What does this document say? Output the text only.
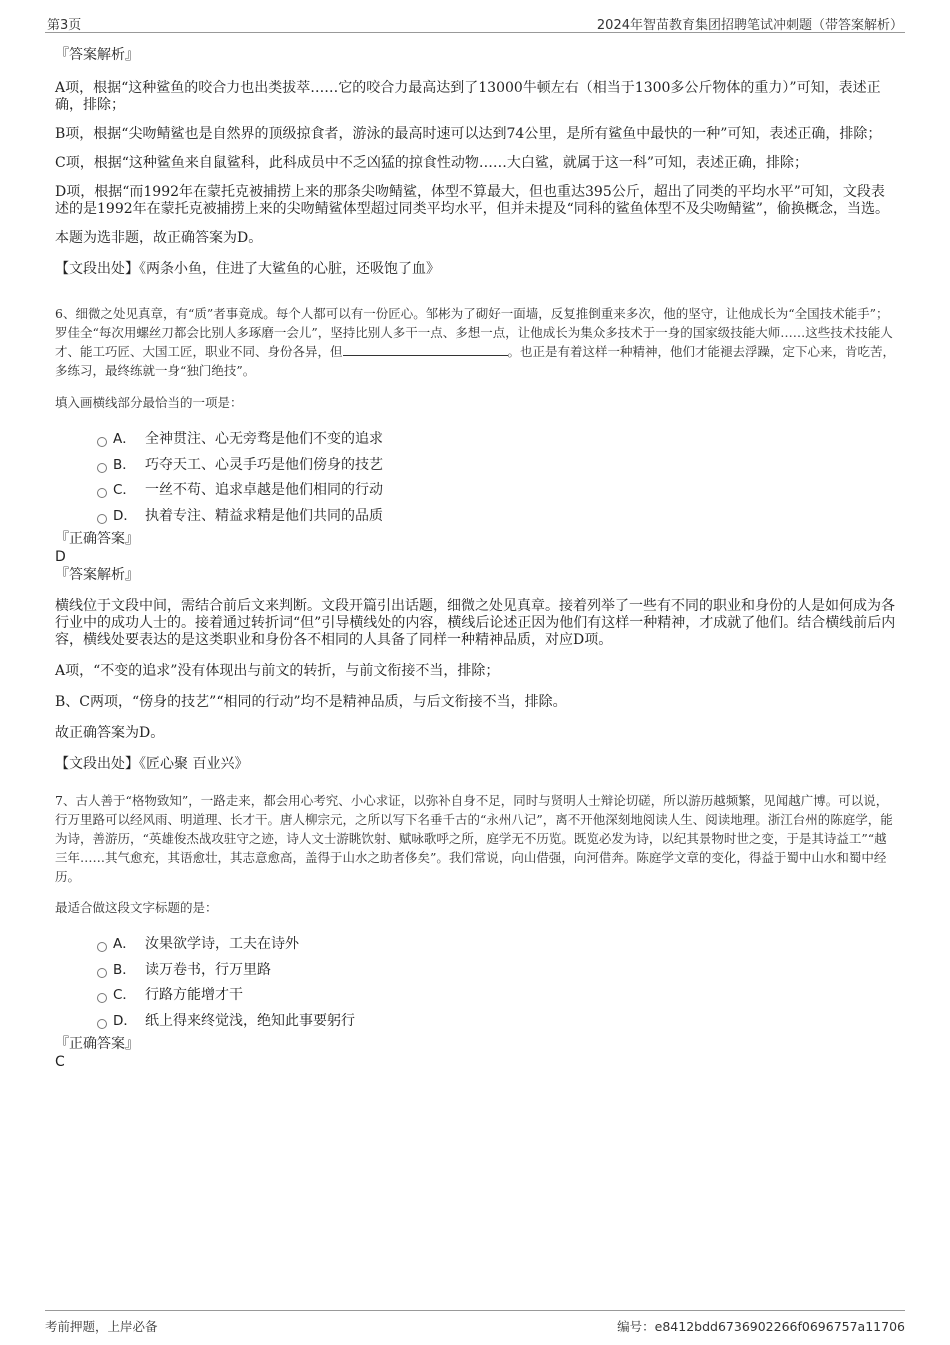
第3页	2024年智苗教育集团招聘笔试冲刺题（带答案解析）

『答案解析』

A项，根据“这种鲨鱼的咬合力也出类拔萃……它的咬合力最高达到了13000牛顿左右（相当于1300多公斤物体的重力）”可知，表述正确，排除；

B项，根据“尖吻鲭鲨也是自然界的顶级掠食者，游泳的最高时速可以达到74公里，是所有鲨鱼中最快的一种”可知，表述正确，排除；

C项，根据“这种鲨鱼来自鼠鲨科，此科成员中不乏凶猛的掠食性动物……大白鲨，就属于这一科”可知，表述正确，排除；

D项，根据“而1992年在蒙托克被捕捞上来的那条尖吻鲭鲨，体型不算最大，但也重达395公斤，超出了同类的平均水平”可知，文段表述的是1992年在蒙托克被捕捞上来的尖吻鲭鲨体型超过同类平均水平，但并未提及“同科的鲨鱼体型不及尖吻鲭鲨”，偷换概念，当选。

本题为选非题，故正确答案为D。

【文段出处】《两条小鱼，住进了大鲨鱼的心脏，还吸饱了血》

6、细微之处见真章，有“质”者事竟成。每个人都可以有一份匠心。邹彬为了砌好一面墙，反复推倒重来多次，他的坚守，让他成长为“全国技术能手”；罗佳全“每次用螺丝刀都会比别人多琢磨一会儿”，坚持比别人多干一点、多想一点，让他成长为集众多技术于一身的国家级技能大师……这些技术技能人才、能工巧匠、大国工匠，职业不同、身份各异，但	。也正是有着这样一种精神，他们才能褪去浮躁，定下心来，肯吃苦，多练习，最终练就一身“独门绝技”。

填入画横线部分最恰当的一项是：

A． 全神贯注、心无旁骛是他们不变的追求
B． 巧夺天工、心灵手巧是他们傍身的技艺
C． 一丝不苟、追求卓越是他们相同的行动
D． 执着专注、精益求精是他们共同的品质

『正确答案』

D

『答案解析』

横线位于文段中间，需结合前后文来判断。文段开篇引出话题，细微之处见真章。接着列举了一些有不同的职业和身份的人是如何成为各行业中的成功人士的。接着通过转折词“但”引导横线处的内容，横线后论述正因为他们有这样一种精神，才成就了他们。结合横线前后内容，横线处要表达的是这类职业和身份各不相同的人具备了同样一种精神品质，对应D项。

A项，“不变的追求”没有体现出与前文的转折，与前文衔接不当，排除；

B、C两项，“傍身的技艺”“相同的行动”均不是精神品质，与后文衔接不当，排除。

故正确答案为D。

【文段出处】《匠心聚 百业兴》

7、古人善于“格物致知”，一路走来，都会用心考究、小心求证，以弥补自身不足，同时与贤明人士辩论切磋，所以游历越频繁，见闻越广博。可以说，行万里路可以经风雨、明道理、长才干。唐人柳宗元，之所以写下名垂千古的“永州八记”，离不开他深刻地阅读人生、阅读地理。浙江台州的陈庭学，能为诗，善游历，“英雄俊杰战攻驻守之迹，诗人文士游眺饮射、赋咏歌呼之所，庭学无不历览。既览必发为诗，以纪其景物时世之变，于是其诗益工”“越三年……其气愈充，其语愈壮，其志意愈高，盖得于山水之助者侈矣”。我们常说，向山借强，向河借奔。陈庭学文章的变化，得益于蜀中山水和蜀中经历。

最适合做这段文字标题的是：

A． 汝果欲学诗，工夫在诗外
B． 读万卷书，行万里路
C． 行路方能增才干
D． 纸上得来终觉浅，绝知此事要躬行

『正确答案』

C

考前押题，上岸必备	编号：e8412bdd6736902266f0696757a11706
